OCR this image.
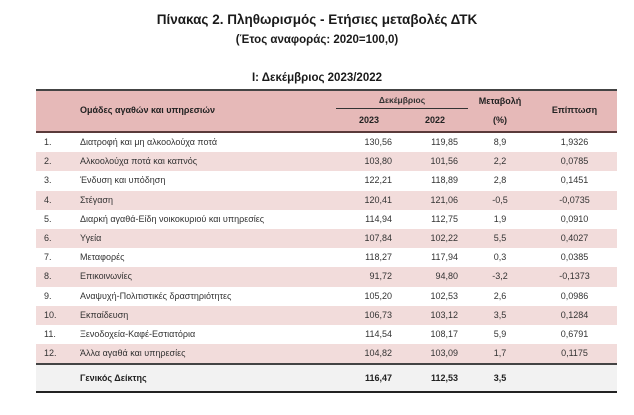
Πίνακας 2. Πληθωρισμός - Ετήσιες μεταβολές ΔΤΚ
(Έτος αναφοράς: 2020=100,0)
Ι: Δεκέμβριος 2023/2022
Ομάδες αγαθών και υπηρεσιών
Δεκέμβριος
2023	2022
Μεταβολή
(%)
Επίπτωση
1.	Διατροφή και μη αλκοολούχα ποτά	130,56	119,85	8,9	1,9326
2.	Αλκοολούχα ποτά και καπνός	103,80	101,56	2,2	0,0785
3.	Ένδυση και υπόδηση	122,21	118,89	2,8	0,1451
4.	Στέγαση	120,41	121,06	-0,5	-0,0735
5.	Διαρκή αγαθά-Είδη νοικοκυριού και υπηρεσίες	114,94	112,75	1,9	0,0910
6.	Υγεία	107,84	102,22	5,5	0,4027
7.	Μεταφορές	118,27	117,94	0,3	0,0385
8.	Επικοινωνίες	91,72	94,80	-3,2	-0,1373
9.	Αναψυχή-Πολιτιστικές δραστηριότητες	105,20	102,53	2,6	0,0986
10.	Εκπαίδευση	106,73	103,12	3,5	0,1284
11.	Ξενοδοχεία-Καφέ-Εστιατόρια	114,54	108,17	5,9	0,6791
12.	Άλλα αγαθά και υπηρεσίες	104,82	103,09	1,7	0,1175
Γενικός Δείκτης	116,47	112,53	3,5
